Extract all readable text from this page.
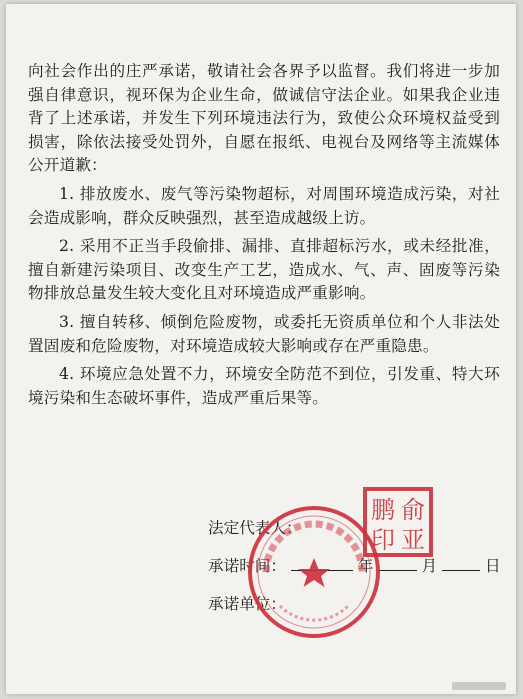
向社会作出的庄严承诺，敬请社会各界予以监督。我们将进一步加强自律意识，视环保为企业生命，做诚信守法企业。如果我企业违背了上述承诺，并发生下列环境违法行为，致使公众环境权益受到损害，除依法接受处罚外，自愿在报纸、电视台及网络等主流媒体公开道歉：

1. 排放废水、废气等污染物超标，对周围环境造成污染，对社会造成影响，群众反映强烈，甚至造成越级上访。

2. 采用不正当手段偷排、漏排、直排超标污水，或未经批准，擅自新建污染项目、改变生产工艺，造成水、气、声、固废等污染物排放总量发生较大变化且对环境造成严重影响。

3. 擅自转移、倾倒危险废物，或委托无资质单位和个人非法处置固废和危险废物，对环境造成较大影响或存在严重隐患。

4. 环境应急处置不力，环境安全防范不到位，引发重、特大环境污染和生态破坏事件，造成严重后果等。

法定代表人：
承诺时间：	年	月	日
承诺单位：
俞
鹏
亚
印
